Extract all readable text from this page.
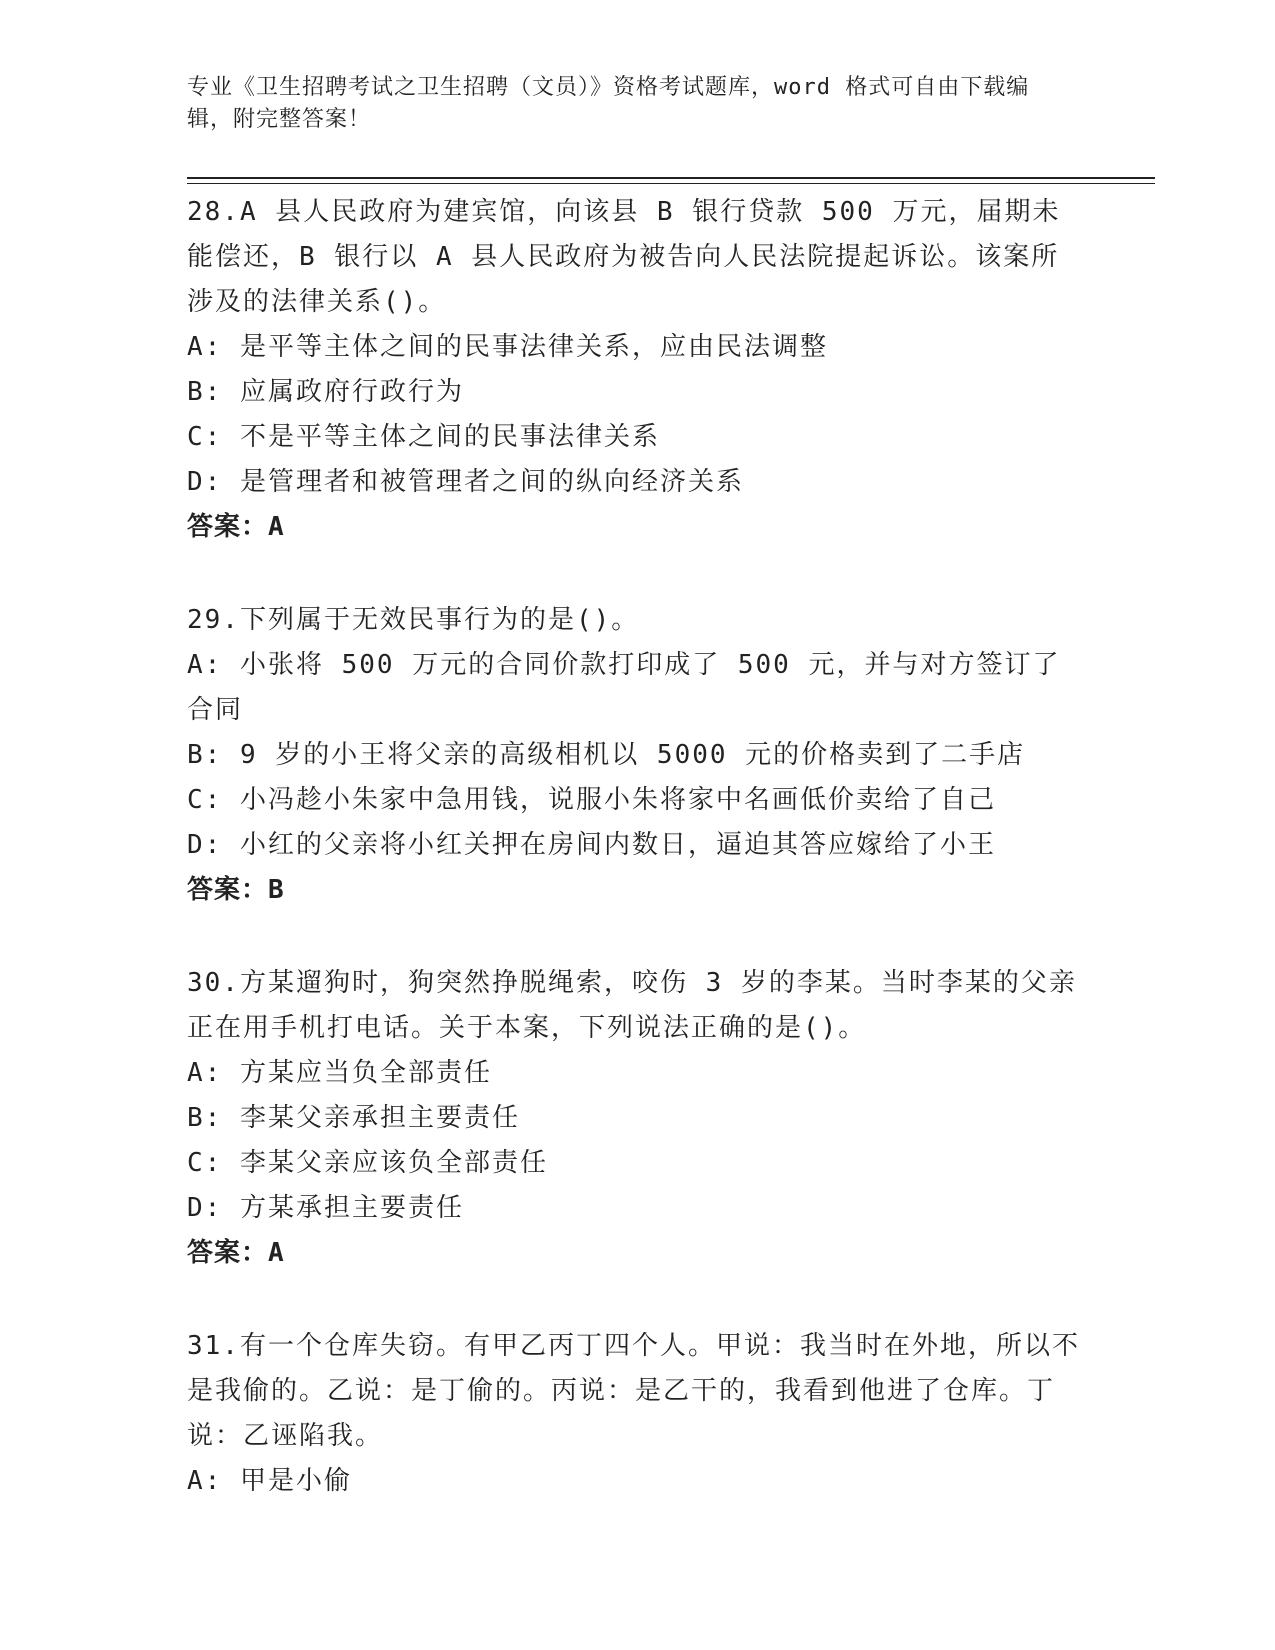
专业《卫生招聘考试之卫生招聘（文员）》资格考试题库，word 格式可自由下载编辑，附完整答案！

28.A 县人民政府为建宾馆，向该县 B 银行贷款 500 万元，届期未能偿还，B 银行以 A 县人民政府为被告向人民法院提起诉讼。该案所涉及的法律关系()。

A: 是平等主体之间的民事法律关系，应由民法调整

B: 应属政府行政行为

C: 不是平等主体之间的民事法律关系

D: 是管理者和被管理者之间的纵向经济关系

答案：A

29.下列属于无效民事行为的是()。

A: 小张将 500 万元的合同价款打印成了 500 元，并与对方签订了合同

B: 9 岁的小王将父亲的高级相机以 5000 元的价格卖到了二手店

C: 小冯趁小朱家中急用钱，说服小朱将家中名画低价卖给了自己

D: 小红的父亲将小红关押在房间内数日，逼迫其答应嫁给了小王

答案：B

30.方某遛狗时，狗突然挣脱绳索，咬伤 3 岁的李某。当时李某的父亲正在用手机打电话。关于本案，下列说法正确的是()。

A: 方某应当负全部责任

B: 李某父亲承担主要责任

C: 李某父亲应该负全部责任

D: 方某承担主要责任

答案：A

31.有一个仓库失窃。有甲乙丙丁四个人。甲说：我当时在外地，所以不是我偷的。乙说：是丁偷的。丙说：是乙干的，我看到他进了仓库。丁说：乙诬陷我。

A: 甲是小偷
